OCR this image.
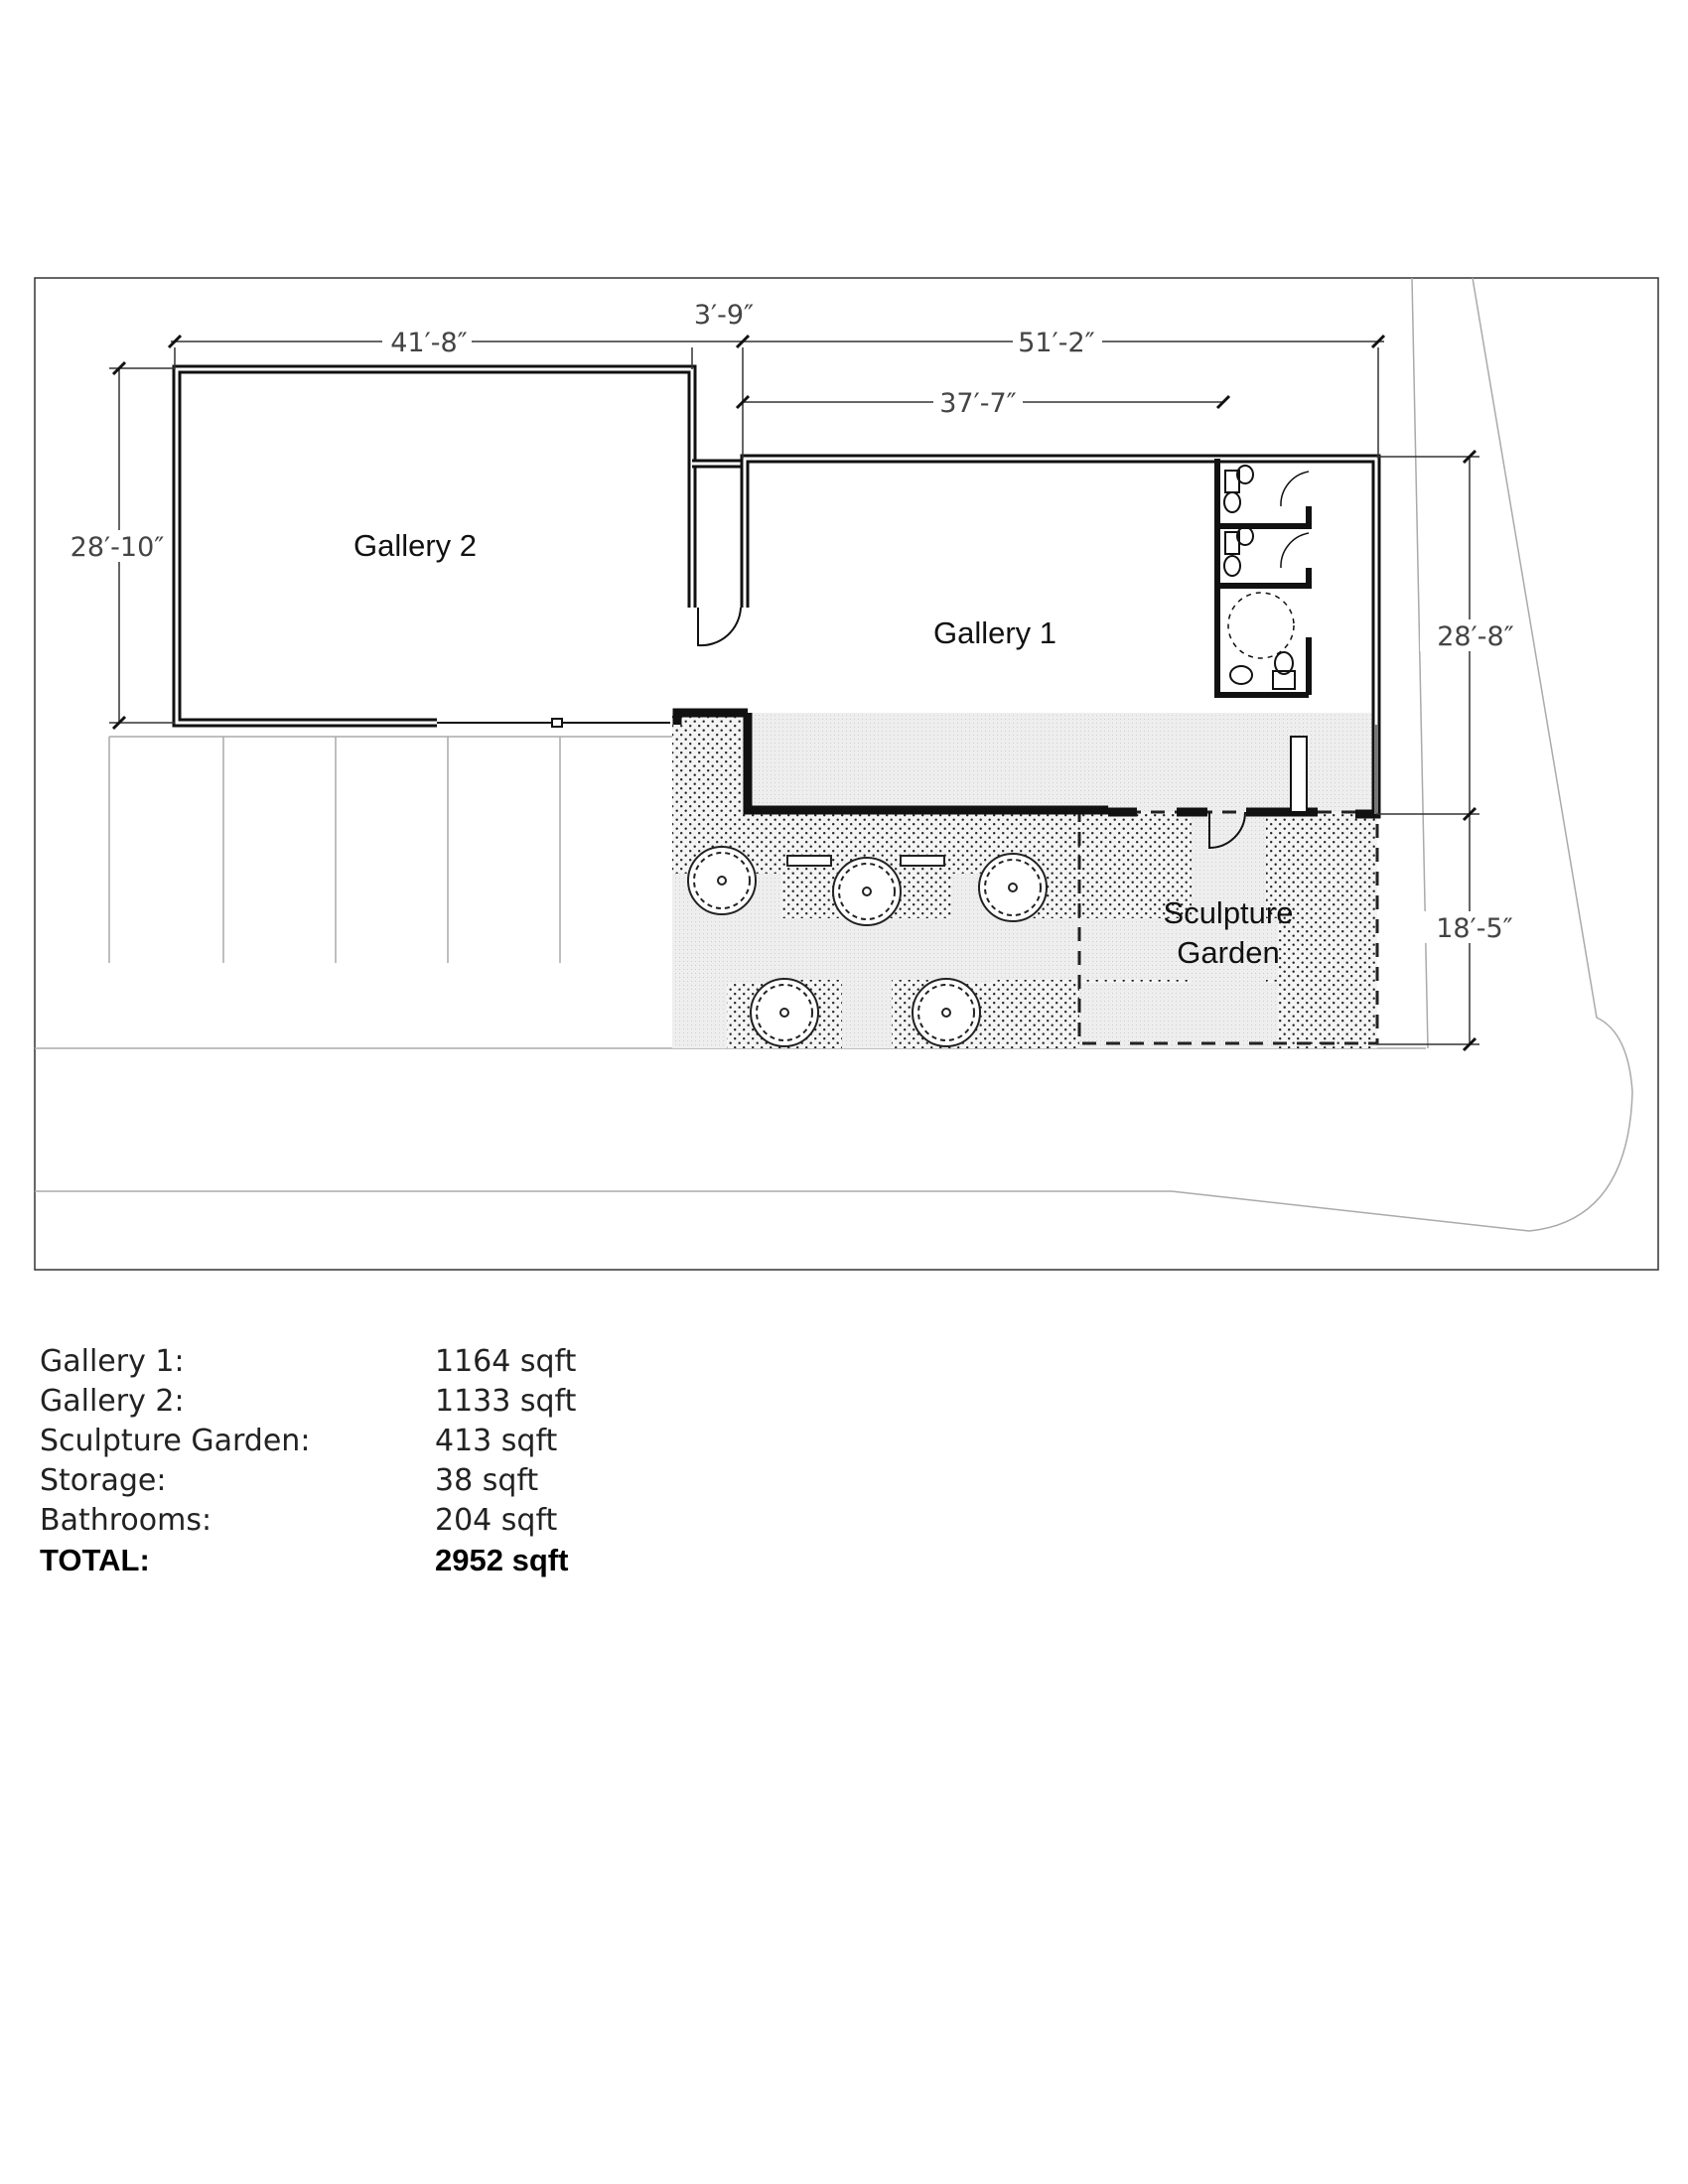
41′-8″
3′-9″
51′-2″
37′-7″
28′-10″
28′-8″
18′-5″
Gallery 2
Gallery 1
Sculpture
Garden
Gallery 1:	1164 sqft
Gallery 2:	1133 sqft
Sculpture Garden:	413 sqft
Storage:	38 sqft
Bathrooms:	204 sqft
TOTAL:	2952 sqft
